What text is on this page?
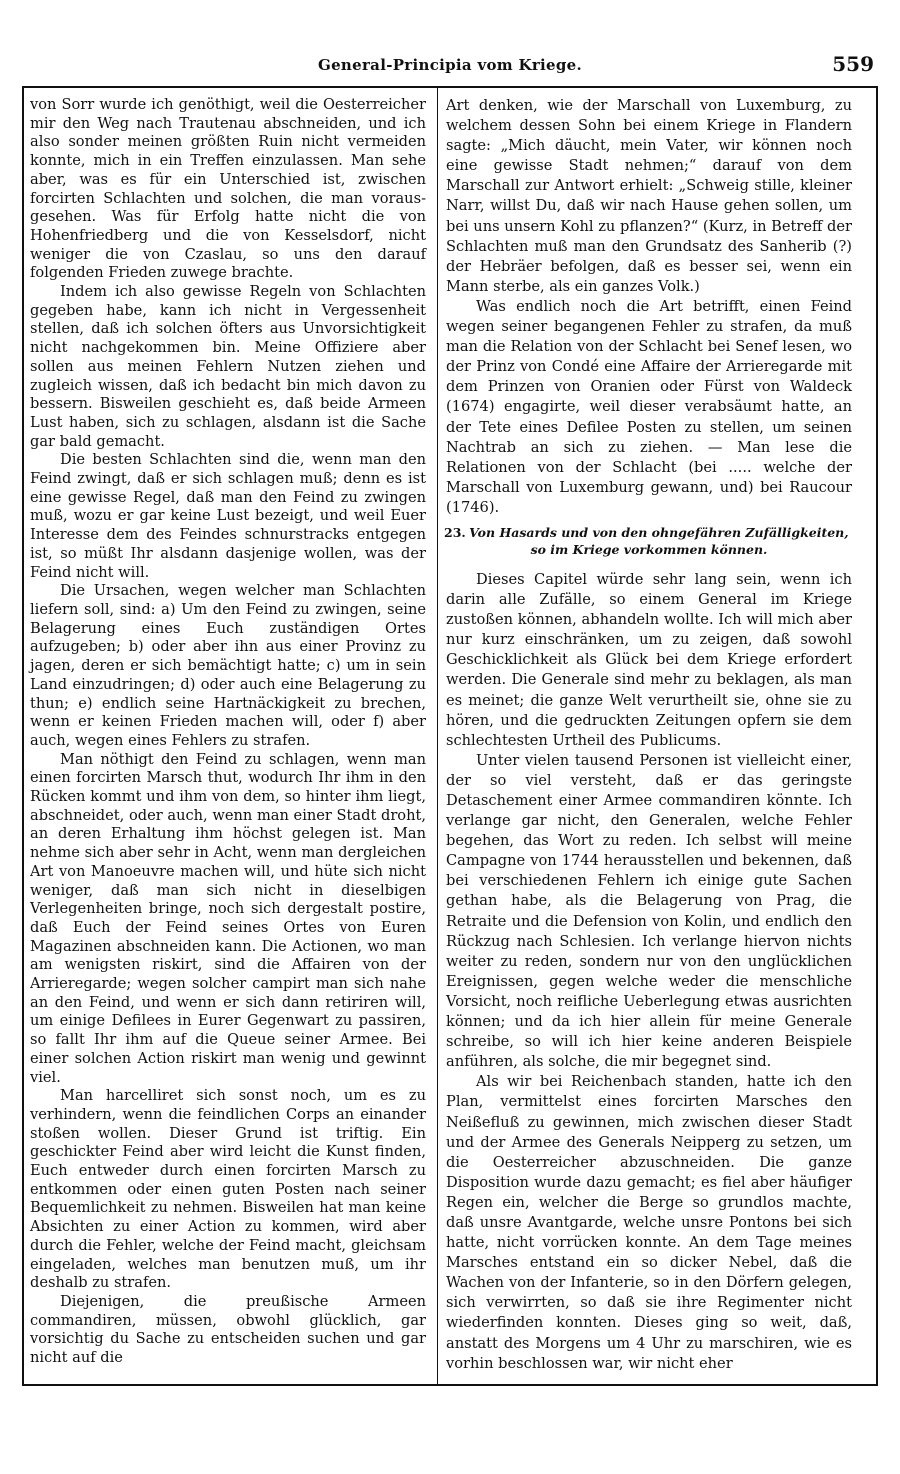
General-Principia vom Kriege.	559

von Sorr wurde ich genöthigt, weil die Oesterreicher mir den Weg nach Trautenau abschneiden, und ich also sonder meinen größten Ruin nicht vermeiden konnte, mich in ein Treffen einzulassen. Man sehe aber, was es für ein Unterschied ist, zwischen forcirten Schlachten und solchen, die man vorausgesehen. Was für Erfolg hatte nicht die von Hohenfriedberg und die von Kesselsdorf, nicht weniger die von Czaslau, so uns den darauf folgenden Frieden zuwege brachte.

Indem ich also gewisse Regeln von Schlachten gegeben habe, kann ich nicht in Vergessenheit stellen, daß ich solchen öfters aus Unvorsichtigkeit nicht nachgekommen bin. Meine Offiziere aber sollen aus meinen Fehlern Nutzen ziehen und zugleich wissen, daß ich bedacht bin mich davon zu bessern. Bisweilen geschieht es, daß beide Armeen Lust haben, sich zu schlagen, alsdann ist die Sache gar bald gemacht.

Die besten Schlachten sind die, wenn man den Feind zwingt, daß er sich schlagen muß; denn es ist eine gewisse Regel, daß man den Feind zu zwingen muß, wozu er gar keine Lust bezeigt, und weil Euer Interesse dem des Feindes schnurstracks entgegen ist, so müßt Ihr alsdann dasjenige wollen, was der Feind nicht will.

Die Ursachen, wegen welcher man Schlachten liefern soll, sind: a) Um den Feind zu zwingen, seine Belagerung eines Euch zuständigen Ortes aufzugeben; b) oder aber ihn aus einer Provinz zu jagen, deren er sich bemächtigt hatte; c) um in sein Land einzudringen; d) oder auch eine Belagerung zu thun; e) endlich seine Hartnäckigkeit zu brechen, wenn er keinen Frieden machen will, oder f) aber auch, wegen eines Fehlers zu strafen.

Man nöthigt den Feind zu schlagen, wenn man einen forcirten Marsch thut, wodurch Ihr ihm in den Rücken kommt und ihm von dem, so hinter ihm liegt, abschneidet, oder auch, wenn man einer Stadt droht, an deren Erhaltung ihm höchst gelegen ist. Man nehme sich aber sehr in Acht, wenn man dergleichen Art von Manoeuvre machen will, und hüte sich nicht weniger, daß man sich nicht in dieselbigen Verlegenheiten bringe, noch sich dergestalt postire, daß Euch der Feind seines Ortes von Euren Magazinen abschneiden kann. Die Actionen, wo man am wenigsten riskirt, sind die Affairen von der Arrieregarde; wegen solcher campirt man sich nahe an den Feind, und wenn er sich dann retiriren will, um einige Defilees in Eurer Gegenwart zu passiren, so fallt Ihr ihm auf die Queue seiner Armee. Bei einer solchen Action riskirt man wenig und gewinnt viel.

Man harcelliret sich sonst noch, um es zu verhindern, wenn die feindlichen Corps an einander stoßen wollen. Dieser Grund ist triftig. Ein geschickter Feind aber wird leicht die Kunst finden, Euch entweder durch einen forcirten Marsch zu entkommen oder einen guten Posten nach seiner Bequemlichkeit zu nehmen. Bisweilen hat man keine Absichten zu einer Action zu kommen, wird aber durch die Fehler, welche der Feind macht, gleichsam eingeladen, welches man benutzen muß, um ihr deshalb zu strafen.

Diejenigen, die preußische Armeen commandiren, müssen, obwohl glücklich, gar vorsichtig du Sache zu entscheiden suchen und gar nicht auf die

Art denken, wie der Marschall von Luxemburg, zu welchem dessen Sohn bei einem Kriege in Flandern sagte: „Mich däucht, mein Vater, wir können noch eine gewisse Stadt nehmen;“ darauf von dem Marschall zur Antwort erhielt: „Schweig stille, kleiner Narr, willst Du, daß wir nach Hause gehen sollen, um bei uns unsern Kohl zu pflanzen?“ (Kurz, in Betreff der Schlachten muß man den Grundsatz des Sanherib (?) der Hebräer befolgen, daß es besser sei, wenn ein Mann sterbe, als ein ganzes Volk.)

Was endlich noch die Art betrifft, einen Feind wegen seiner begangenen Fehler zu strafen, da muß man die Relation von der Schlacht bei Senef lesen, wo der Prinz von Condé eine Affaire der Arrieregarde mit dem Prinzen von Oranien oder Fürst von Waldeck (1674) engagirte, weil dieser verabsäumt hatte, an der Tete eines Defilee Posten zu stellen, um seinen Nachtrab an sich zu ziehen. — Man lese die Relationen von der Schlacht (bei ..... welche der Marschall von Luxemburg gewann, und) bei Raucour (1746).

23. Von Hasards und von den ohngefähren Zufälligkeiten, so im Kriege vorkommen können.

Dieses Capitel würde sehr lang sein, wenn ich darin alle Zufälle, so einem General im Kriege zustoßen können, abhandeln wollte. Ich will mich aber nur kurz einschränken, um zu zeigen, daß sowohl Geschicklichkeit als Glück bei dem Kriege erfordert werden. Die Generale sind mehr zu beklagen, als man es meinet; die ganze Welt verurtheilt sie, ohne sie zu hören, und die gedruckten Zeitungen opfern sie dem schlechtesten Urtheil des Publicums.

Unter vielen tausend Personen ist vielleicht einer, der so viel versteht, daß er das geringste Detaschement einer Armee commandiren könnte. Ich verlange gar nicht, den Generalen, welche Fehler begehen, das Wort zu reden. Ich selbst will meine Campagne von 1744 herausstellen und bekennen, daß bei verschiedenen Fehlern ich einige gute Sachen gethan habe, als die Belagerung von Prag, die Retraite und die Defension von Kolin, und endlich den Rückzug nach Schlesien. Ich verlange hiervon nichts weiter zu reden, sondern nur von den unglücklichen Ereignissen, gegen welche weder die menschliche Vorsicht, noch reifliche Ueberlegung etwas ausrichten können; und da ich hier allein für meine Generale schreibe, so will ich hier keine anderen Beispiele anführen, als solche, die mir begegnet sind.

Als wir bei Reichenbach standen, hatte ich den Plan, vermittelst eines forcirten Marsches den Neißefluß zu gewinnen, mich zwischen dieser Stadt und der Armee des Generals Neipperg zu setzen, um die Oesterreicher abzuschneiden. Die ganze Disposition wurde dazu gemacht; es fiel aber häufiger Regen ein, welcher die Berge so grundlos machte, daß unsre Avantgarde, welche unsre Pontons bei sich hatte, nicht vorrücken konnte. An dem Tage meines Marsches entstand ein so dicker Nebel, daß die Wachen von der Infanterie, so in den Dörfern gelegen, sich verwirrten, so daß sie ihre Regimenter nicht wiederfinden konnten. Dieses ging so weit, daß, anstatt des Morgens um 4 Uhr zu marschiren, wie es vorhin beschlossen war, wir nicht eher
